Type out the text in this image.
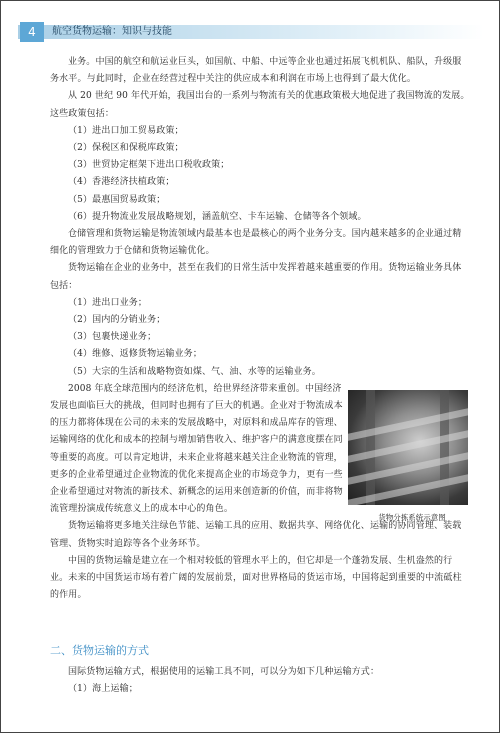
4	航空货物运输：知识与技能

业务。中国的航空和航运业巨头，如国航、中船、中远等企业也通过拓展飞机机队、船队，升级服务水平。与此同时，企业在经营过程中关注的供应成本和利润在市场上也得到了最大优化。

从 20 世纪 90 年代开始，我国出台的一系列与物流有关的优惠政策极大地促进了我国物流的发展。这些政策包括：

（1）进出口加工贸易政策；

（2）保税区和保税库政策；

（3）世贸协定框架下进出口税收政策；

（4）香港经济扶植政策；

（5）最惠国贸易政策；

（6）提升物流业发展战略规划，涵盖航空、卡车运输、仓储等各个领域。

仓储管理和货物运输是物流领域内最基本也是最核心的两个业务分支。国内越来越多的企业通过精细化的管理致力于仓储和货物运输优化。

货物运输在企业的业务中，甚至在我们的日常生活中发挥着越来越重要的作用。货物运输业务具体包括：

（1）进出口业务；

（2）国内的分销业务；

（3）包裹快递业务；

（4）维修、返修货物运输业务；

（5）大宗的生活和战略物资如煤、气、油、水等的运输业务。

2008 年底全球范围内的经济危机，给世界经济带来重创。中国经济发展也面临巨大的挑战，但同时也拥有了巨大的机遇。企业对于物流成本的压力都将体现在公司的未来的发展战略中，对原料和成品库存的管理、运输网络的优化和成本的控制与增加销售收入、维护客户的满意度摆在同等重要的高度。可以肯定地讲，未来企业将越来越关注企业物流的管理，更多的企业希望通过企业物流的优化来提高企业的市场竞争力，更有一些企业希望通过对物流的新技术、新概念的运用来创造新的价值，而非将物流管理扮演成传统意义上的成本中心的角色。

货物运输将更多地关注绿色节能、运输工具的应用、数据共享、网络优化、运输的协同管理、装载管理、货物实时追踪等各个业务环节。

中国的货物运输是建立在一个相对较低的管理水平上的，但它却是一个蓬勃发展、生机盎然的行业。未来的中国货运市场有着广阔的发展前景，面对世界格局的货运市场，中国将起到重要的中流砥柱的作用。

货物分拣系统示意图
二、货物运输的方式

国际货物运输方式，根据使用的运输工具不同，可以分为如下几种运输方式：

（1）海上运输；
